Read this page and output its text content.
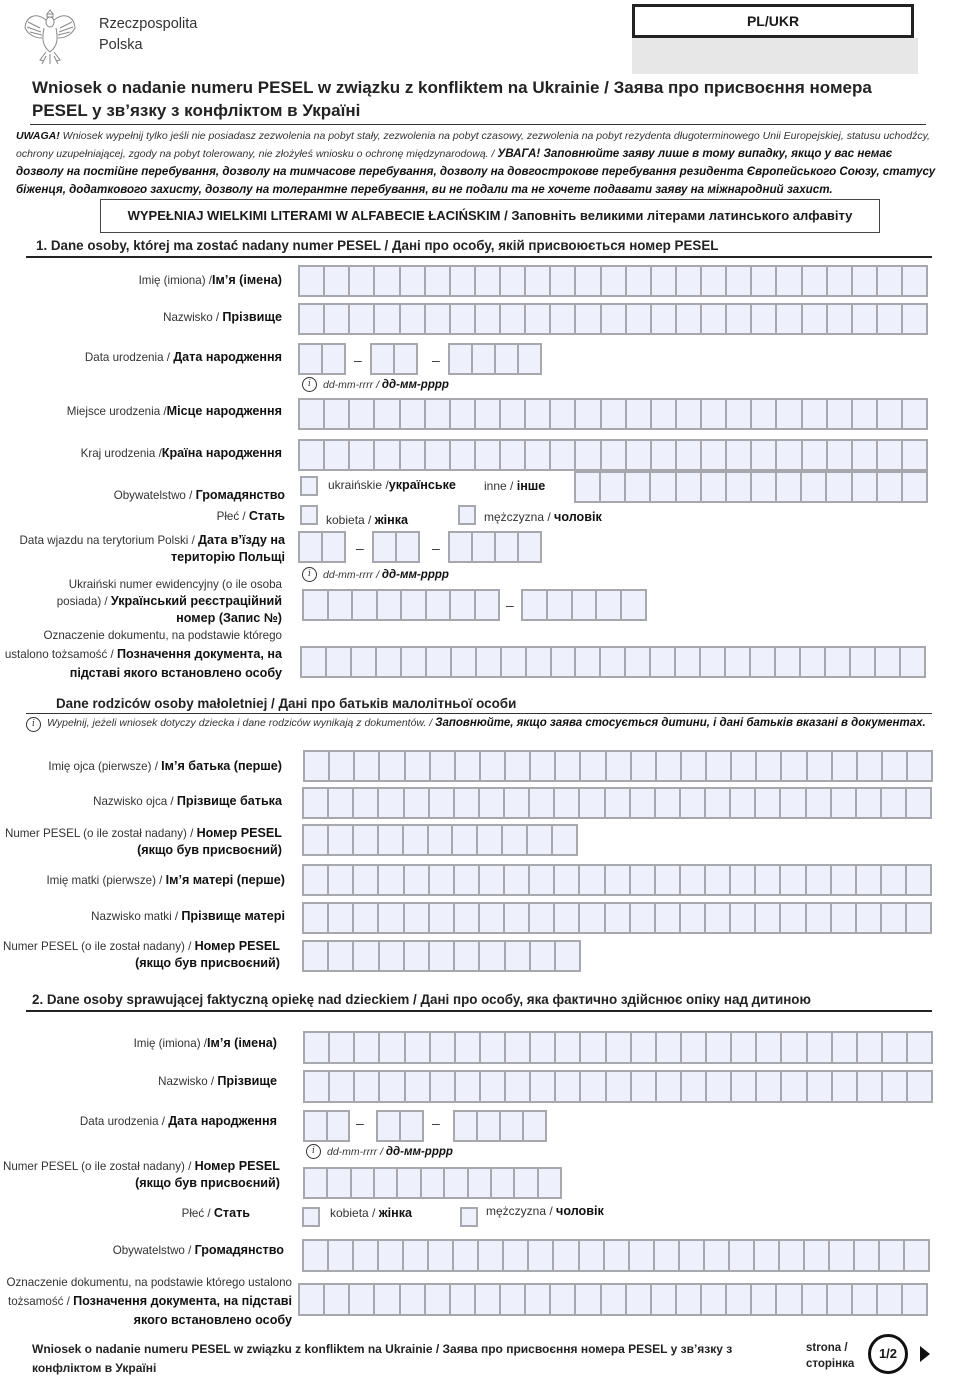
Rzeczpospolita
Polska
PL/UKR
Wniosek o nadanie numeru PESEL w związku z konfliktem na Ukrainie / Заява про присвоєння номера PESEL у зв’язку з конфліктом в Україні
UWAGA! Wniosek wypełnij tylko jeśli nie posiadasz zezwolenia na pobyt stały, zezwolenia na pobyt czasowy, zezwolenia na pobyt rezydenta długoterminowego Unii Europejskiej, statusu uchodźcy, ochrony uzupełniającej, zgody na pobyt tolerowany, nie złożyłeś wniosku o ochronę międzynarodową. / УВАГА! Заповнюйте заяву лише в тому випадку, якщо у вас немає дозволу на постійне перебування, дозволу на тимчасове перебування, дозволу на довгострокове перебування резидента Європейського Союзу, статусу біженця, додаткового захисту, дозволу на толерантне перебування, ви не подали та не хочете подавати заяву на міжнародний захист.
WYPEŁNIAJ WIELKIMI LITERAMI W ALFABECIE ŁACIŃSKIM / Заповніть великими літерами латинського алфавіту
1. Dane osoby, której ma zostać nadany numer PESEL / Дані про особу, якій присвоюється номер PESEL
Imię (imiona) /Ім’я (імена)
Nazwisko / Прізвище
Data urodzenia / Дата народження	–	–
i	dd-mm-rrrr / дд-мм-рррр
Miejsce urodzenia /Місце народження
Kraj urodzenia /Країна народження
Obywatelstwo / Громадянство
ukraińskie /українське inne / інше
Płeć / Стать	kobieta / жінка	mężczyzna / чоловік
Data wjazdu na terytorium Polski / Дата в’їзду на територію Польщі
–	–
i	dd-mm-rrrr / дд-мм-рррр
Ukraiński numer ewidencyjny (o ile osoba posiada) / Український реєстраційний номер (Запис №)
–
Oznaczenie dokumentu, na podstawie którego ustalono tożsamość / Позначення документа, на підставі якого встановлено особу
Dane rodziców osoby małoletniej / Дані про батьків малолітньої особи
i	Wypełnij, jeżeli wniosek dotyczy dziecka i dane rodziców wynikają z dokumentów. / Заповнюйте, якщо заява стосується дитини, і дані батьків вказані в документах.
Imię ojca (pierwsze) / Ім’я батька (перше)
Nazwisko ojca / Прізвище батька
Numer PESEL (o ile został nadany) / Номер PESEL (якщо був присвоєний)
Imię matki (pierwsze) / Ім’я матері (перше)
Nazwisko matki / Прізвище матері
Numer PESEL (o ile został nadany) / Номер PESEL (якщо був присвоєний)
2. Dane osoby sprawującej faktyczną opiekę nad dzieckiem / Дані про особу, яка фактично здійснює опіку над дитиною
Imię (imiona) /Ім’я (імена)
Nazwisko / Прізвище
Data urodzenia / Дата народження	–	–
i	dd-mm-rrrr / дд-мм-рррр
Numer PESEL (o ile został nadany) / Номер PESEL (якщо був присвоєний)
Płeć / Стать	kobieta / жінка	mężczyzna / чоловік
Obywatelstwo / Громадянство
Oznaczenie dokumentu, na podstawie którego ustalono tożsamość / Позначення документа, на підставі якого встановлено особу
Wniosek o nadanie numeru PESEL w związku z konfliktem na Ukrainie / Заява про присвоєння номера PESEL у зв’язку з конфліктом в Україні
strona /
сторінка
1/2
